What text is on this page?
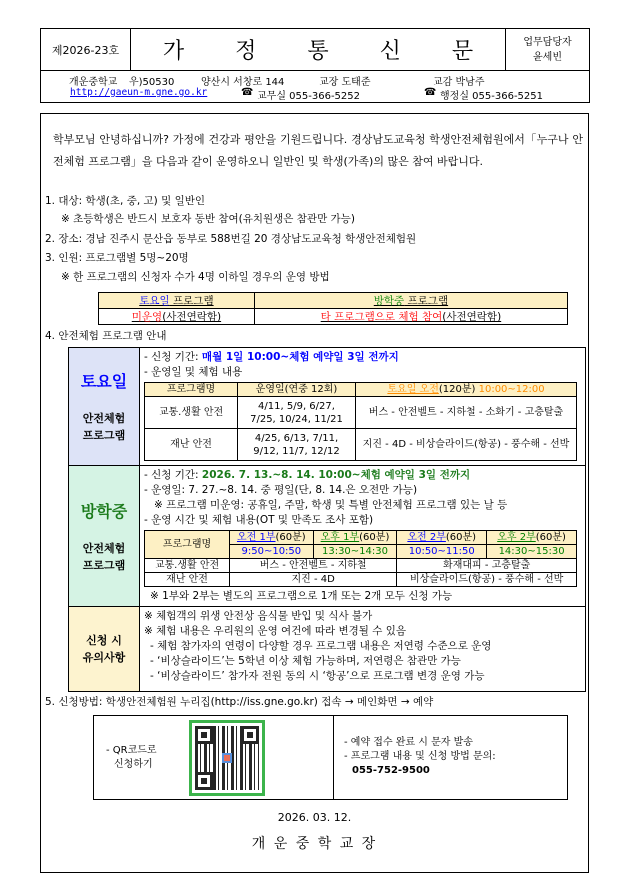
제2026-23호	가 정 통 신 문	업무담당자
윤세빈
개운중학교 우)50530	양산시 서창로 144	교장 도태준	교감 박남주
http://gaeun-m.gne.go.kr	☎ 교무실 055-366-5252	☎ 행정실 055-366-5251
학부모님 안녕하십니까? 가정에 건강과 평안을 기원드립니다. 경상남도교육청 학생안전체험원에서「누구나 안전체험 프로그램」을 다음과 같이 운영하오니 일반인 및 학생(가족)의 많은 참여 바랍니다.
1. 대상: 학생(초, 중, 고) 및 일반인
※ 초등학생은 반드시 보호자 동반 참여(유치원생은 참관만 가능)
2. 장소: 경남 진주시 문산읍 동부로 588번길 20 경상남도교육청 학생안전체험원
3. 인원: 프로그램별 5명~20명
※ 한 프로그램의 신청자 수가 4명 이하일 경우의 운영 방법
토요일 프로그램	방학중 프로그램
미운영(사전연락함)	타 프로그램으로 체험 참여(사전연락함)
4. 안전체험 프로그램 안내
토요일
안전체험
프로그램	
- 신청 기간: 매월 1일 10:00~체험 예약일 3일 전까지
- 운영일 및 체험 내용
프로그램명	운영일(연중 12회)	토요일 오전(120분) 10:00~12:00
교통.생활 안전	4/11, 5/9, 6/27,
7/25, 10/24, 11/21	버스 - 안전벨트 - 지하철 - 소화기 - 고층탈출
재난 안전	4/25, 6/13, 7/11,
9/12, 11/7, 12/12	지진 - 4D - 비상슬라이드(항공) - 풍수해 - 선박

방학중
안전체험
프로그램	
- 신청 기간: 2026. 7. 13.~8. 14. 10:00~체험 예약일 3일 전까지
- 운영일: 7. 27.~8. 14. 중 평일(단, 8. 14.은 오전만 가능)
※ 프로그램 미운영: 공휴일, 주말, 학생 및 특별 안전체험 프로그램 있는 날 등
- 운영 시간 및 체험 내용(OT 및 만족도 조사 포함)
프로그램명	오전 1부(60분)	오후 1부(60분)	오전 2부(60분)	오후 2부(60분)
9:50~10:50	13:30~14:30	10:50~11:50	14:30~15:30
교통.생활 안전	버스 - 안전벨트 - 지하철	화재대피 - 고층탈출
재난 안전	지진 - 4D	비상슬라이드(항공) - 풍수해 - 선박
※ 1부와 2부는 별도의 프로그램으로 1개 또는 2개 모두 신청 가능

신청 시
유의사항	
※ 체험객의 위생 안전상 음식물 반입 및 식사 불가
※ 체험 내용은 우리원의 운영 여건에 따라 변경될 수 있음
- 체험 참가자의 연령이 다양할 경우 프로그램 내용은 저연령 수준으로 운영
- ‘비상슬라이드’는 5학년 이상 체험 가능하며, 저연령은 참관만 가능
- ‘비상슬라이드’ 참가자 전원 동의 시 ‘항공’으로 프로그램 변경 운영 가능
5. 신청방법: 학생안전체험원 누리집(http://iss.gne.go.kr) 접속 → 메인화면 → 예약
- QR코드로
신청하기
- 예약 접수 완료 시 문자 발송
- 프로그램 내용 및 신청 방법 문의:
055-752-9500
2026. 03. 12.
개 운 중 학 교 장
